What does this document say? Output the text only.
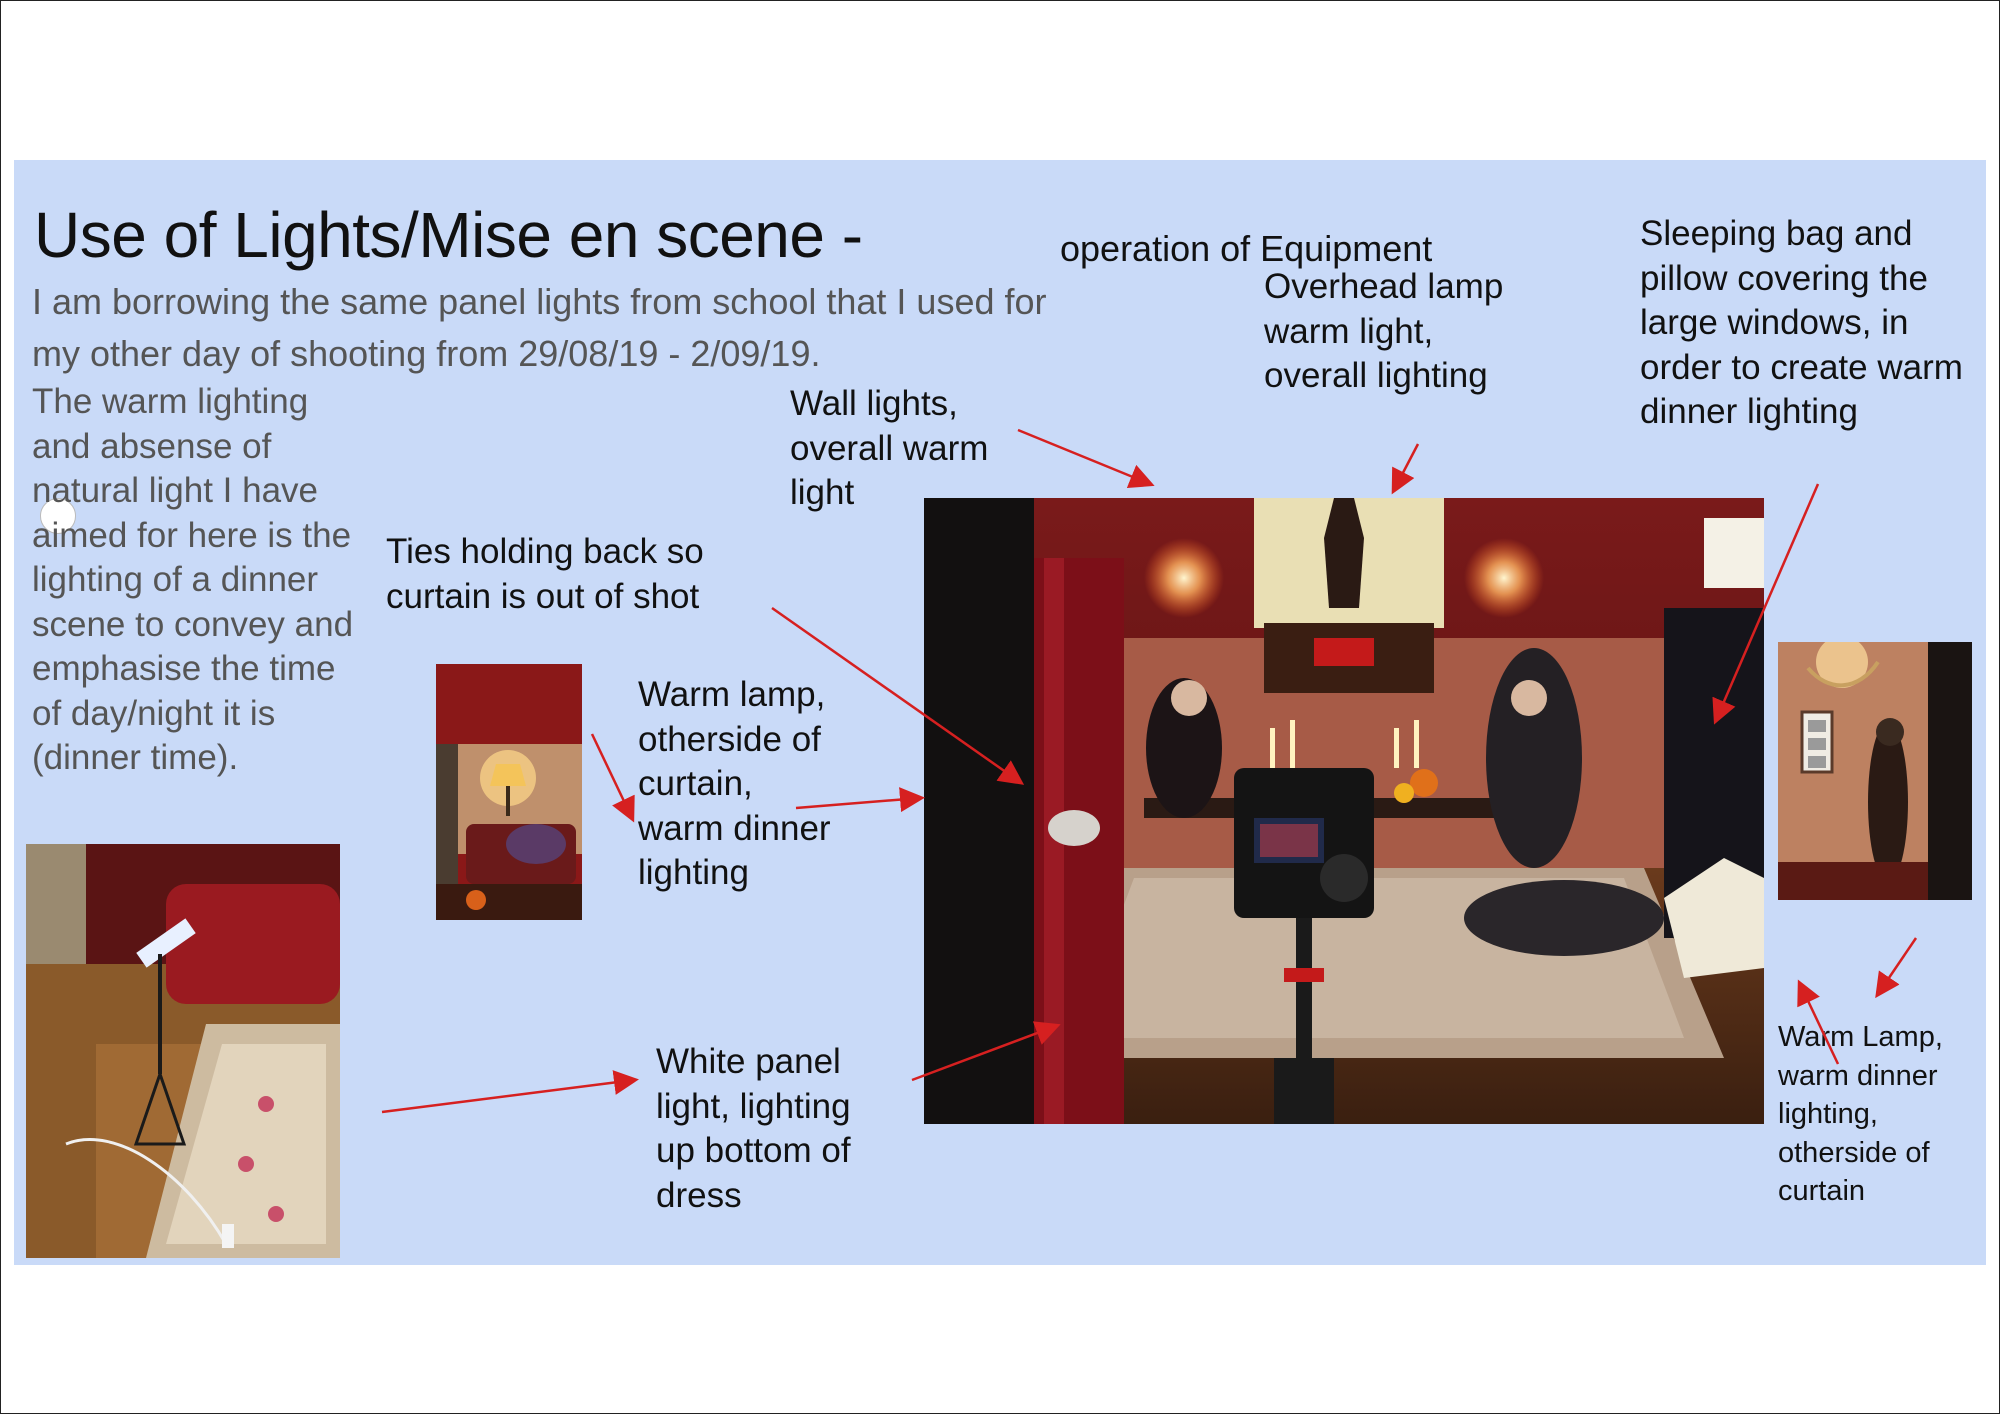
Use of Lights/Mise en scene -	operation of Equipment
I am borrowing the same panel lights from school that I used for my other day of shooting from 29/08/19 - 2/09/19.
The warm lighting and absense of natural light I have aimed for here is the lighting of a dinner scene to convey and emphasise the time of day/night it is (dinner time).
Overhead lamp warm light, overall lighting
Wall lights, overall warm light
Sleeping bag and pillow covering the large windows, in order to create warm dinner lighting
Ties holding back so curtain is out of shot
Warm lamp, otherside of curtain, warm dinner lighting
White panel light, lighting up bottom of dress
Warm Lamp, warm dinner lighting, otherside of curtain
